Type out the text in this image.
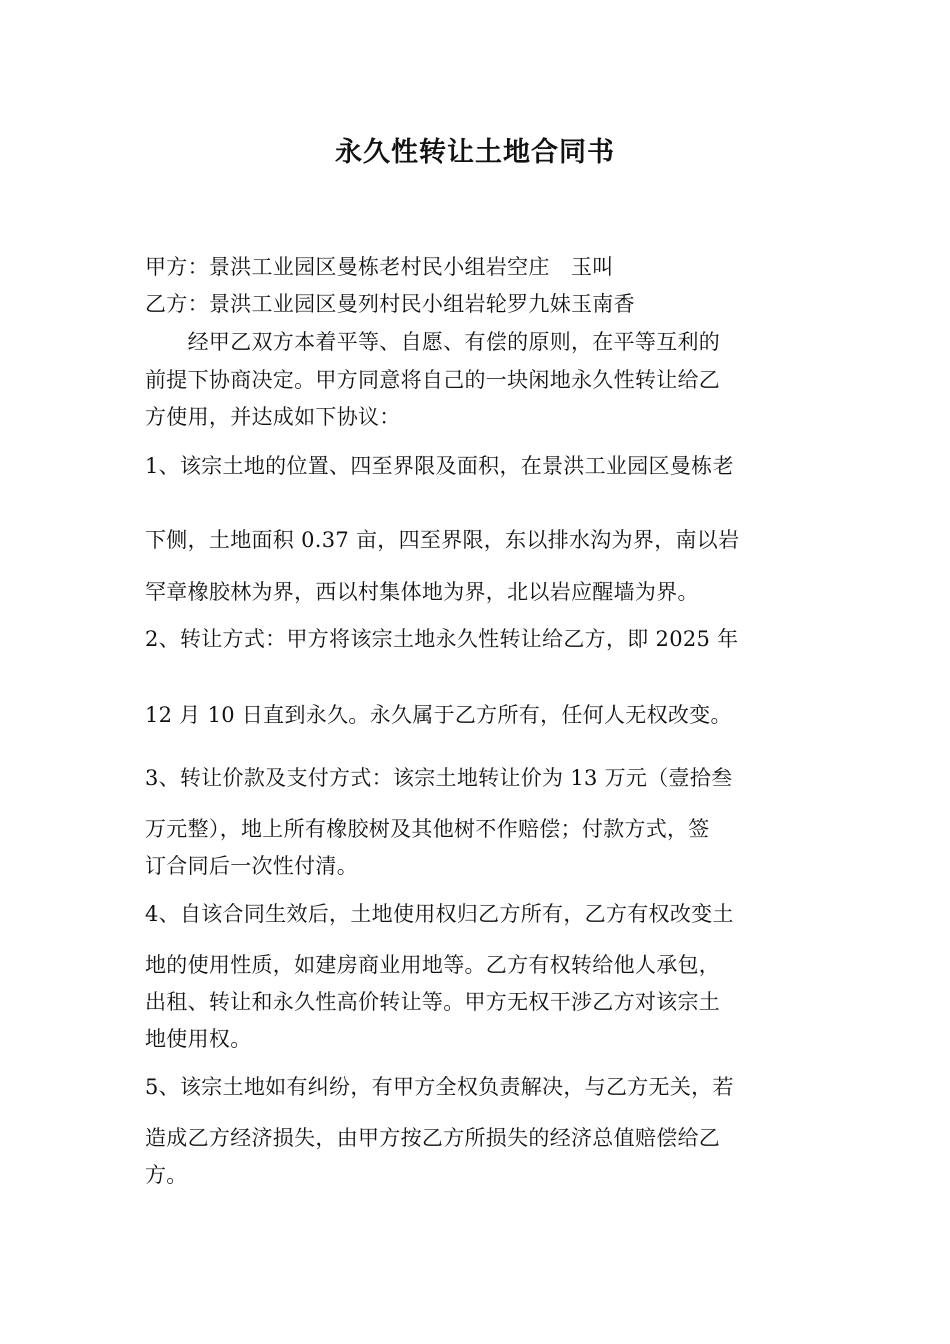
永久性转让土地合同书
甲方：景洪工业园区曼栋老村民小组岩空庄　玉叫
乙方：景洪工业园区曼列村民小组岩轮罗九妹玉南香
　　经甲乙双方本着平等、自愿、有偿的原则，在平等互利的
前提下协商决定。甲方同意将自己的一块闲地永久性转让给乙
方使用，并达成如下协议：
1、该宗土地的位置、四至界限及面积，在景洪工业园区曼栋老
下侧，土地面积 0.37 亩，四至界限，东以排水沟为界，南以岩
罕章橡胶林为界，西以村集体地为界，北以岩应醒墙为界。
2、转让方式：甲方将该宗土地永久性转让给乙方，即 2025 年
12 月 10 日直到永久。永久属于乙方所有，任何人无权改变。
3、转让价款及支付方式：该宗土地转让价为 13 万元（壹拾叁
万元整），地上所有橡胶树及其他树不作赔偿；付款方式，签
订合同后一次性付清。
4、自该合同生效后，土地使用权归乙方所有，乙方有权改变土
地的使用性质，如建房商业用地等。乙方有权转给他人承包，
出租、转让和永久性高价转让等。甲方无权干涉乙方对该宗土
地使用权。
5、该宗土地如有纠纷，有甲方全权负责解决，与乙方无关，若
造成乙方经济损失，由甲方按乙方所损失的经济总值赔偿给乙
方。
